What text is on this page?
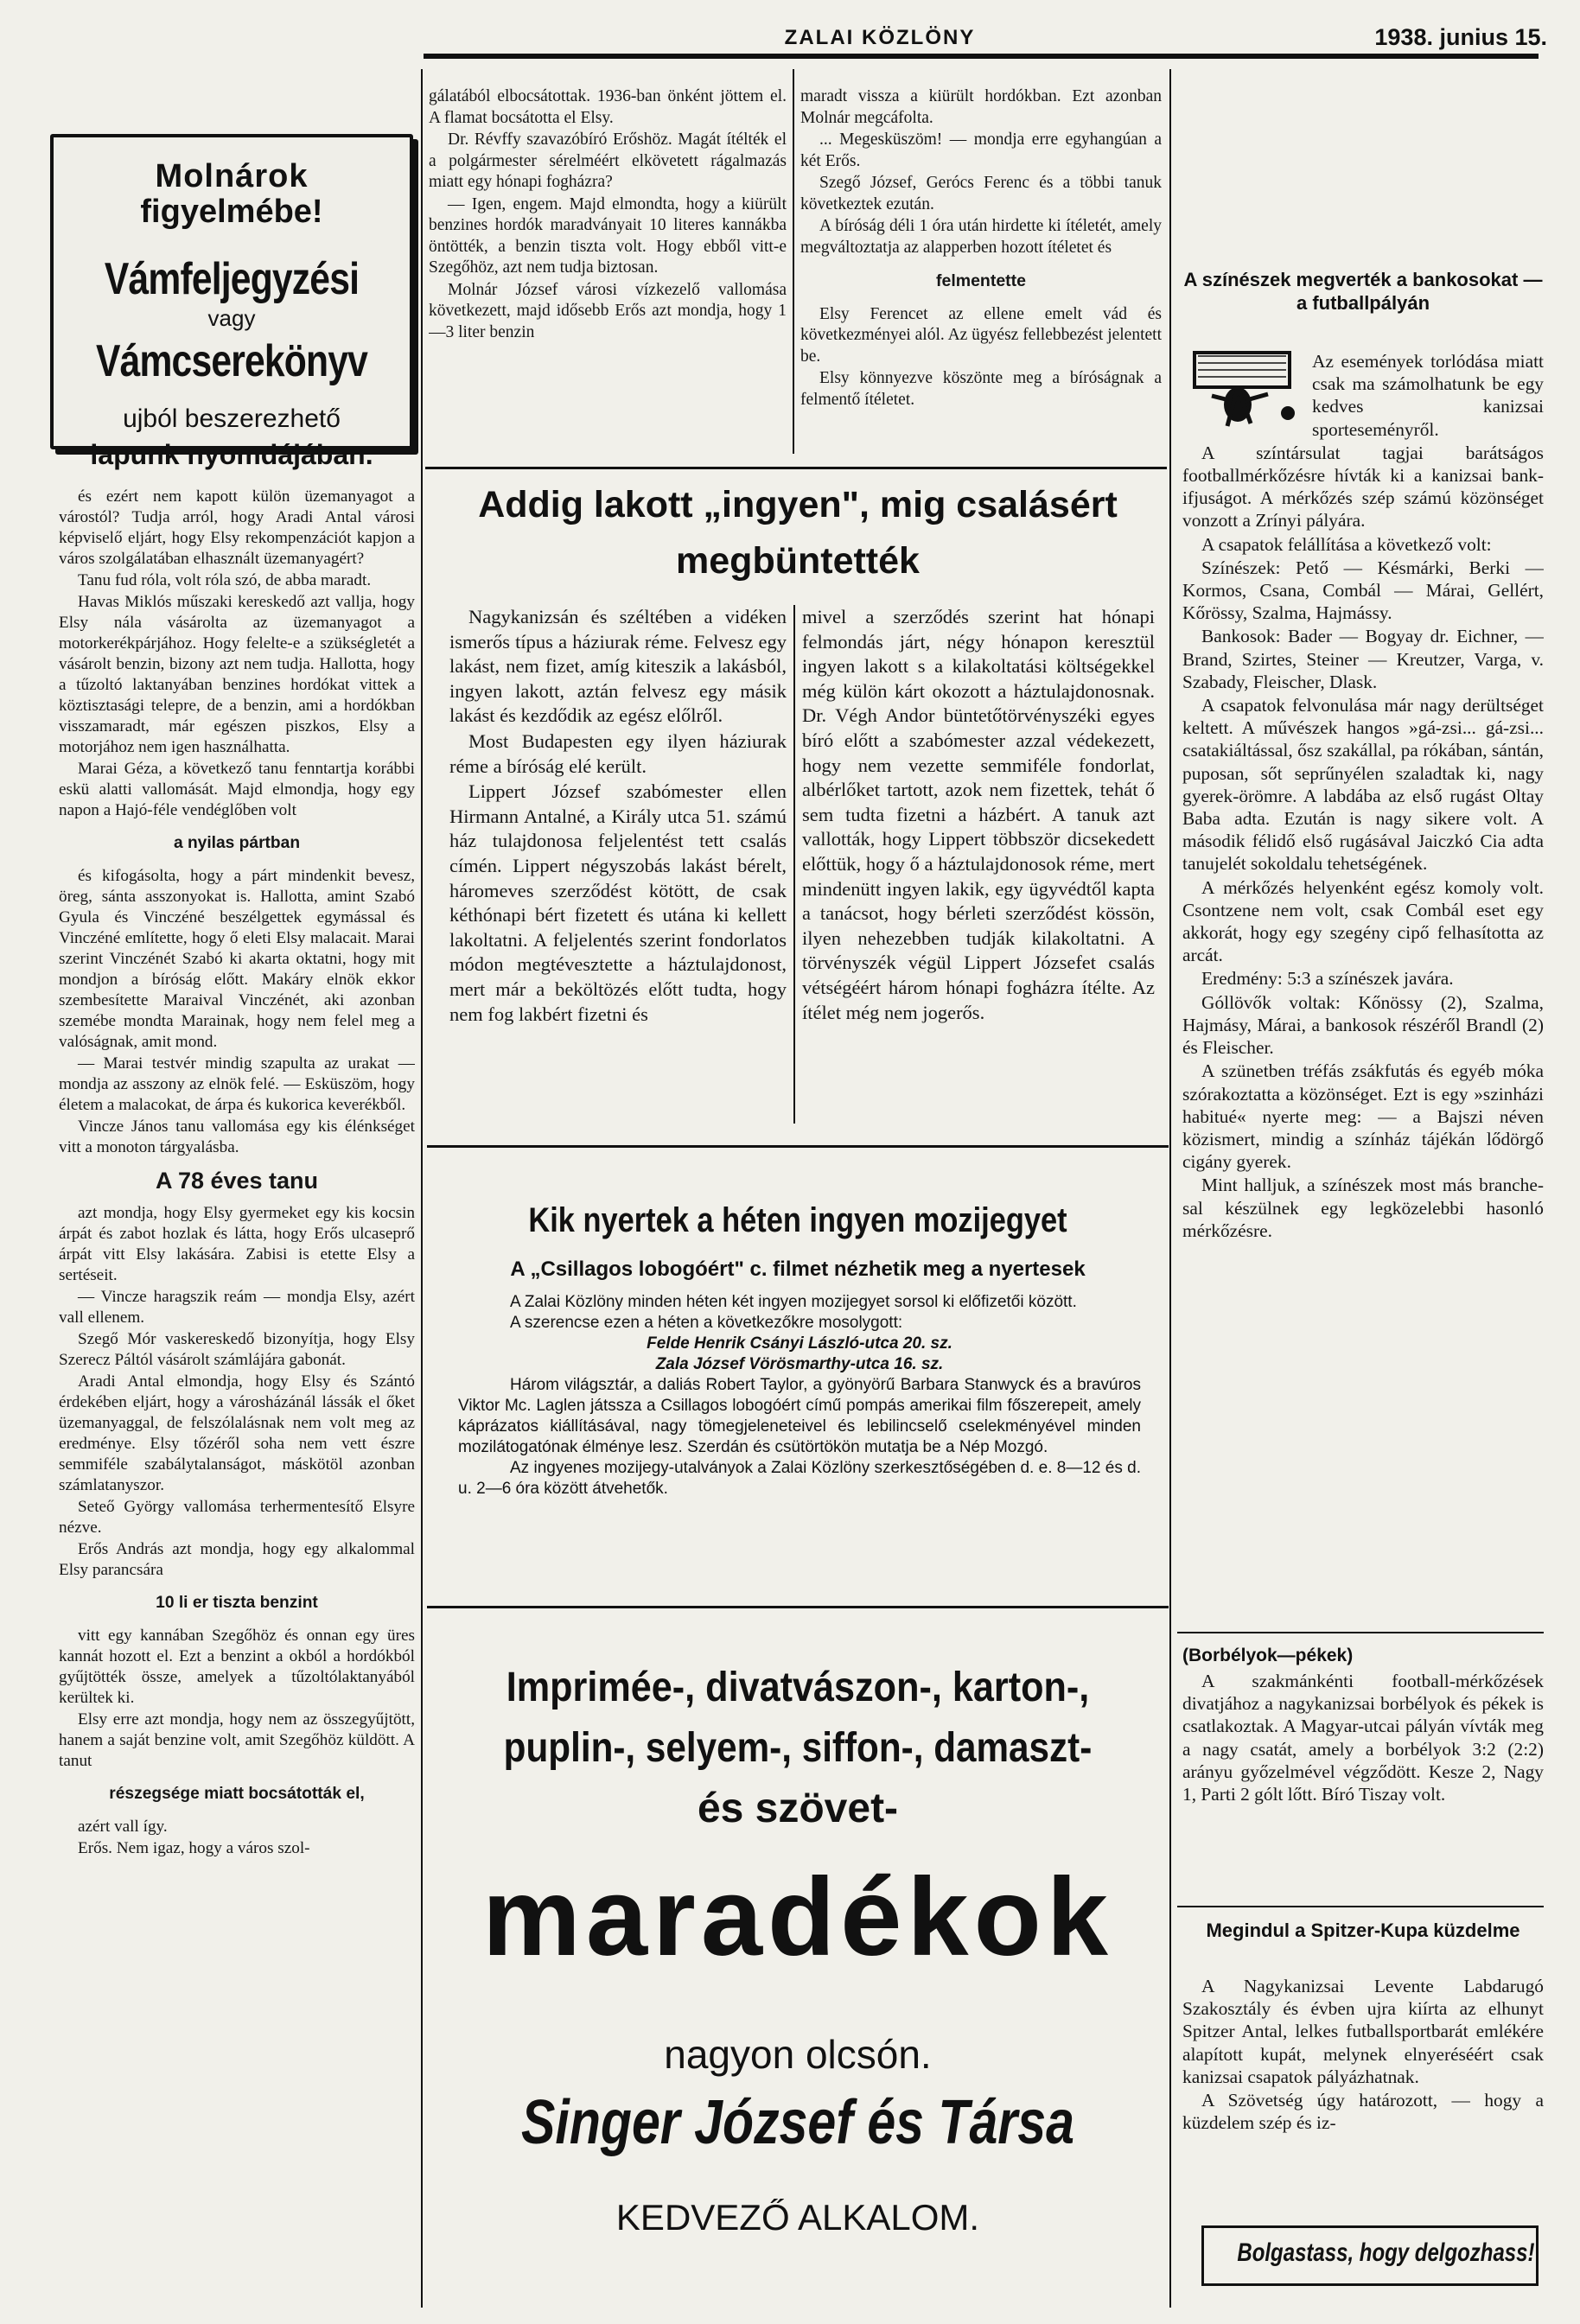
ZALAI KÖZLÖNY	1938. junius 15.
Molnárok
figyelmébe!
Vámfeljegyzési
vagy
Vámcserekönyv
ujból beszerezhető
lapunk nyomdájában.

és ezért nem kapott külön üzemanyagot a várostól? Tudja arról, hogy Aradi Antal városi képviselő eljárt, hogy Elsy rekompenzációt kapjon a város szolgálatában elhasznált üzemanyagért?

Tanu fud róla, volt róla szó, de abba maradt.

Havas Miklós műszaki kereskedő azt vallja, hogy Elsy nála vásárolta az üzemanyagot a motorkerékpárjához. Hogy felelte-e a szükségletét a vásárolt benzin, bizony azt nem tudja. Hallotta, hogy a tűzoltó laktanyában benzines hordókat vittek a köztisztasági telepre, de a benzin, ami a hordókban visszamaradt, már egészen piszkos, Elsy a motorjához nem igen használhatta.

Marai Géza, a következő tanu fenntartja korábbi eskü alatti vallomását. Majd elmondja, hogy egy napon a Hajó-féle vendéglőben volt

a nyilas pártban

és kifogásolta, hogy a párt mindenkit bevesz, öreg, sánta asszonyokat is. Hallotta, amint Szabó Gyula és Vinczéné beszélgettek egymással és Vinczéné említette, hogy ő eleti Elsy malacait. Marai szerint Vinczénét Szabó ki akarta oktatni, hogy mit mondjon a bíróság előtt. Makáry elnök ekkor szembesítette Maraival Vinczénét, aki azonban szemébe mondta Marainak, hogy nem felel meg a valóságnak, amit mond.

— Marai testvér mindig szapulta az urakat — mondja az asszony az elnök felé. — Esküszöm, hogy életem a malacokat, de árpa és kukorica keverékből.

Vincze János tanu vallomása egy kis élénkséget vitt a monoton tárgyalásba.

A 78 éves tanu

azt mondja, hogy Elsy gyermeket egy kis kocsin árpát és zabot hozlak és látta, hogy Erős ulcaseprő árpát vitt Elsy lakására. Zabisi is etette Elsy a sertéseit.

— Vincze haragszik reám — mondja Elsy, azért vall ellenem.

Szegő Mór vaskereskedő bizonyítja, hogy Elsy Szerecz Páltól vásárolt számlájára gabonát.

Aradi Antal elmondja, hogy Elsy és Szántó érdekében eljárt, hogy a városházánál lássák el őket üzemanyaggal, de felszólalásnak nem volt meg az eredménye. Elsy tőzéről soha nem vett észre semmiféle szabálytalanságot, máskötöl azonban számlatanyszor.

Seteő György vallomása terhermentesítő Elsyre nézve.

Erős András azt mondja, hogy egy alkalommal Elsy parancsára

10 li er tiszta benzint

vitt egy kannában Szegőhöz és onnan egy üres kannát hozott el. Ezt a benzint a okból a hordókból gyűjtötték össze, amelyek a tűzoltólaktanyából kerültek ki.

Elsy erre azt mondja, hogy nem az összegyűjtött, hanem a saját benzine volt, amit Szegőhöz küldött. A tanut

részegsége miatt bocsátották el,

azért vall így.

Erős. Nem igaz, hogy a város szol-

gálatából elbocsátottak. 1936-ban önként jöttem el. A flamat bocsátotta el Elsy.

Dr. Révffy szavazóbíró Erőshöz. Magát ítélték el a polgármester sérelméért elkövetett rágalmazás miatt egy hónapi fogházra?

— Igen, engem. Majd elmondta, hogy a kiürült benzines hordók maradványait 10 literes kannákba öntötték, a benzin tiszta volt. Hogy ebből vitt-e Szegőhöz, azt nem tudja biztosan.

Molnár József városi vízkezelő vallomása következett, majd idősebb Erős azt mondja, hogy 1—3 liter benzin

maradt vissza a kiürült hordókban. Ezt azonban Molnár megcáfolta.

... Megesküszöm! — mondja erre egyhangúan a két Erős.

Szegő József, Gerócs Ferenc és a többi tanuk következtek ezután.

A bíróság déli 1 óra után hirdette ki ítéletét, amely megváltoztatja az alapperben hozott ítéletet és

felmentette

Elsy Ferencet az ellene emelt vád és következményei alól. Az ügyész fellebbezést jelentett be.

Elsy könnyezve köszönte meg a bíróságnak a felmentő ítéletet.

Addig lakott „ingyen", mig csalásért
megbüntették

Nagykanizsán és széltében a vidéken ismerős típus a háziurak réme. Felvesz egy lakást, nem fizet, amíg kiteszik a lakásból, ingyen lakott, aztán felvesz egy másik lakást és kezdődik az egész előlről.

Most Budapesten egy ilyen háziurak réme a bíróság elé került.

Lippert József szabómester ellen Hirmann Antalné, a Király utca 51. számú ház tulajdonosa feljelentést tett csalás címén. Lippert négyszobás lakást bérelt, háromeves szerződést kötött, de csak kéthónapi bért fizetett és utána ki kellett lakoltatni. A feljelentés szerint fondorlatos módon megtévesztette a háztulajdonost, mert már a beköltözés előtt tudta, hogy nem fog lakbért fizetni és

mivel a szerződés szerint hat hónapi felmondás járt, négy hónapon keresztül ingyen lakott s a kilakoltatási költségekkel még külön kárt okozott a háztulajdonosnak. Dr. Végh Andor büntetőtörvényszéki egyes bíró előtt a szabómester azzal védekezett, hogy nem vezette semmiféle fondorlat, albérlőket tartott, azok nem fizettek, tehát ő sem tudta fizetni a házbért. A tanuk azt vallották, hogy Lippert többször dicsekedett előttük, hogy ő a háztulajdonosok réme, mert mindenütt ingyen lakik, egy ügyvédtől kapta a tanácsot, hogy bérleti szerződést kössön, ilyen nehezebben tudják kilakoltatni. A törvényszék végül Lippert Józsefet csalás vétségéért három hónapi fogházra ítélte. Az ítélet még nem jogerős.

Kik nyertek a héten ingyen mozijegyet
A „Csillagos lobogóért" c. filmet nézhetik meg a nyertesek

A Zalai Közlöny minden héten két ingyen mozijegyet sorsol ki előfizetői között.

A szerencse ezen a héten a következőkre mosolygott:

Felde Henrik Csányi László-utca 20. sz.

Zala József Vörösmarthy-utca 16. sz.

Három világsztár, a daliás Robert Taylor, a gyönyörű Barbara Stanwyck és a bravúros Viktor Mc. Laglen játssza a Csillagos lobogóért című pompás amerikai film főszerepeit, amely káprázatos kiállításával, nagy tömegjeleneteivel és lebilincselő cselekményével minden mozilátogatónak élménye lesz. Szerdán és csütörtökön mutatja be a Nép Mozgó.

Az ingyenes mozijegy-utalványok a Zalai Közlöny szerkesztőségében d. e. 8—12 és d. u. 2—6 óra között átvehetők.

Imprimée-, divatvászon-, karton-,
puplin-, selyem-, siffon-, damaszt-
és szövet-
maradékok
nagyon olcsón.
Singer József és Társa
KEDVEZŐ ALKALOM.
A színészek megverték a bankosokat — a futballpályán

Az események torlódása miatt csak ma számolhatunk be egy kedves kanizsai sporteseményről.

A színtársulat tagjai barátságos footballmérkőzésre hívták ki a kanizsai bank-ifjuságot. A mérkőzés szép számú közönséget vonzott a Zrínyi pályára.

A csapatok felállítása a következő volt:

Színészek: Pető — Késmárki, Berki — Kormos, Csana, Combál — Márai, Gellért, Kőrössy, Szalma, Hajmássy.

Bankosok: Bader — Bogyay dr. Eichner, — Brand, Szirtes, Steiner — Kreutzer, Varga, v. Szabady, Fleischer, Dlask.

A csapatok felvonulása már nagy derültséget keltett. A művészek hangos »gá-zsi... gá-zsi... csatakiáltással, ősz szakállal, pa rókában, sántán, puposan, sőt seprűnyélen szaladtak ki, nagy gyerek-örömre. A labdába az első rugást Oltay Baba adta. Ezután is nagy sikere volt. A második félidő első rugásával Jaiczkó Cia adta tanujelét sokoldalu tehetségének.

A mérkőzés helyenként egész komoly volt. Csontzene nem volt, csak Combál eset egy akkorát, hogy egy szegény cipő felhasította az arcát.

Eredmény: 5:3 a színészek javára.

Góllövők voltak: Kőnössy (2), Szalma, Hajmásy, Márai, a bankosok részéről Brandl (2) és Fleischer.

A szünetben tréfás zsákfutás és egyéb móka szórakoztatta a közönséget. Ezt is egy »szinházi habitué« nyerte meg: — a Bajszi néven közismert, mindig a színház tájékán lődörgő cigány gyerek.

Mint halljuk, a színészek most más branche-sal készülnek egy legközelebbi hasonló mérkőzésre.

(Borbélyok—pékek)

A szakmánkénti football-mérkőzések divatjához a nagykanizsai borbélyok és pékek is csatlakoztak. A Magyar-utcai pályán vívták meg a nagy csatát, amely a borbélyok 3:2 (2:2) arányu győzelmével végződött. Kesze 2, Nagy 1, Parti 2 gólt lőtt. Bíró Tiszay volt.

Megindul a Spitzer-Kupa küzdelme

A Nagykanizsai Levente Labdarugó Szakosztály és évben ujra kiírta az elhunyt Spitzer Antal, lelkes futballsportbarát emlékére alapított kupát, melynek elnyeréséért csak kanizsai csapatok pályázhatnak.

A Szövetség úgy határozott, — hogy a küzdelem szép és iz-

Bolgastass, hogy delgozhass!
